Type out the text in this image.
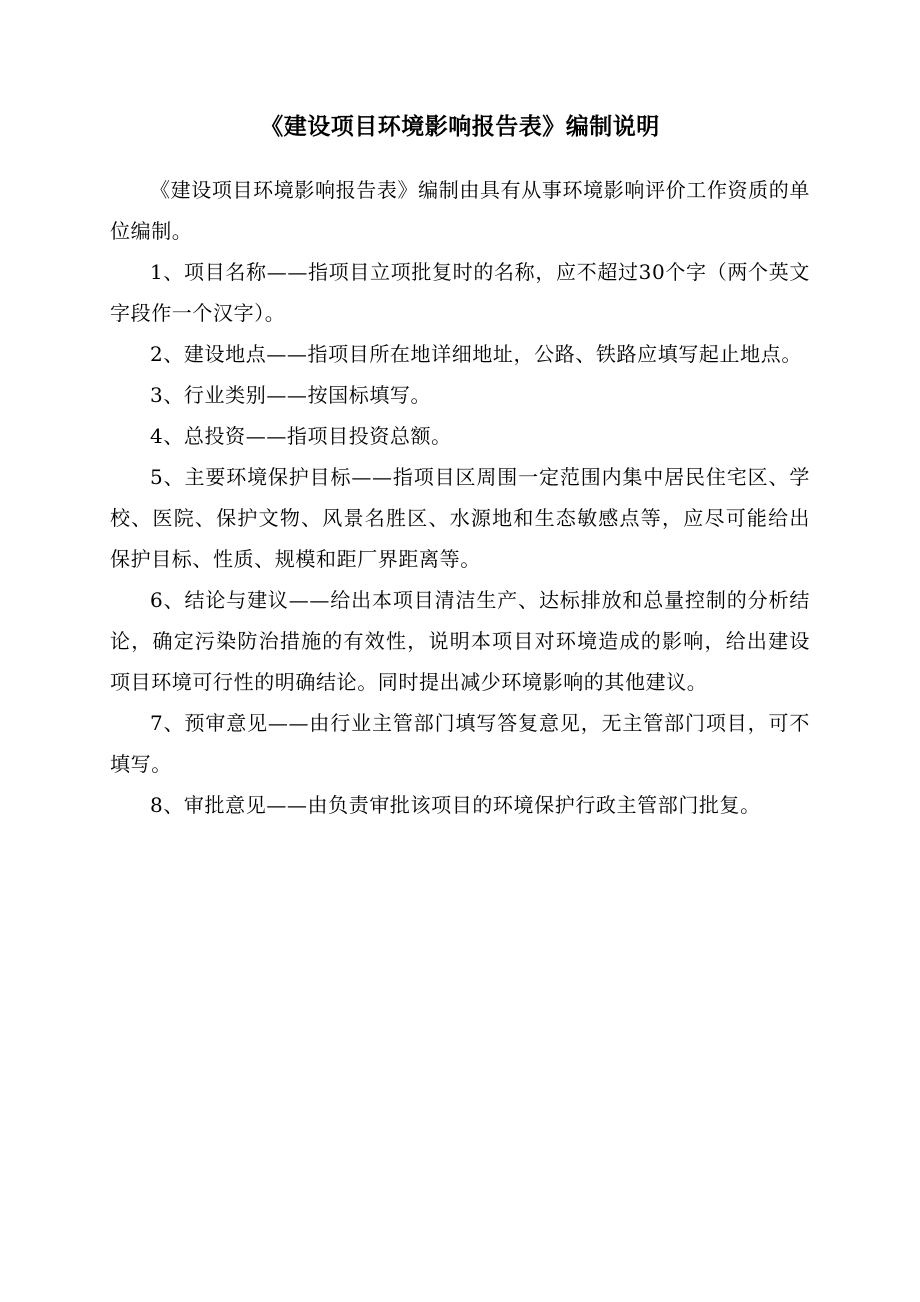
《建设项目环境影响报告表》编制说明

《建设项目环境影响报告表》编制由具有从事环境影响评价工作资质的单位编制。

1、项目名称——指项目立项批复时的名称，应不超过30个字（两个英文字段作一个汉字）。

2、建设地点——指项目所在地详细地址，公路、铁路应填写起止地点。

3、行业类别——按国标填写。

4、总投资——指项目投资总额。

5、主要环境保护目标——指项目区周围一定范围内集中居民住宅区、学校、医院、保护文物、风景名胜区、水源地和生态敏感点等，应尽可能给出保护目标、性质、规模和距厂界距离等。

6、结论与建议——给出本项目清洁生产、达标排放和总量控制的分析结论，确定污染防治措施的有效性，说明本项目对环境造成的影响，给出建设项目环境可行性的明确结论。同时提出减少环境影响的其他建议。

7、预审意见——由行业主管部门填写答复意见，无主管部门项目，可不填写。

8、审批意见——由负责审批该项目的环境保护行政主管部门批复。
